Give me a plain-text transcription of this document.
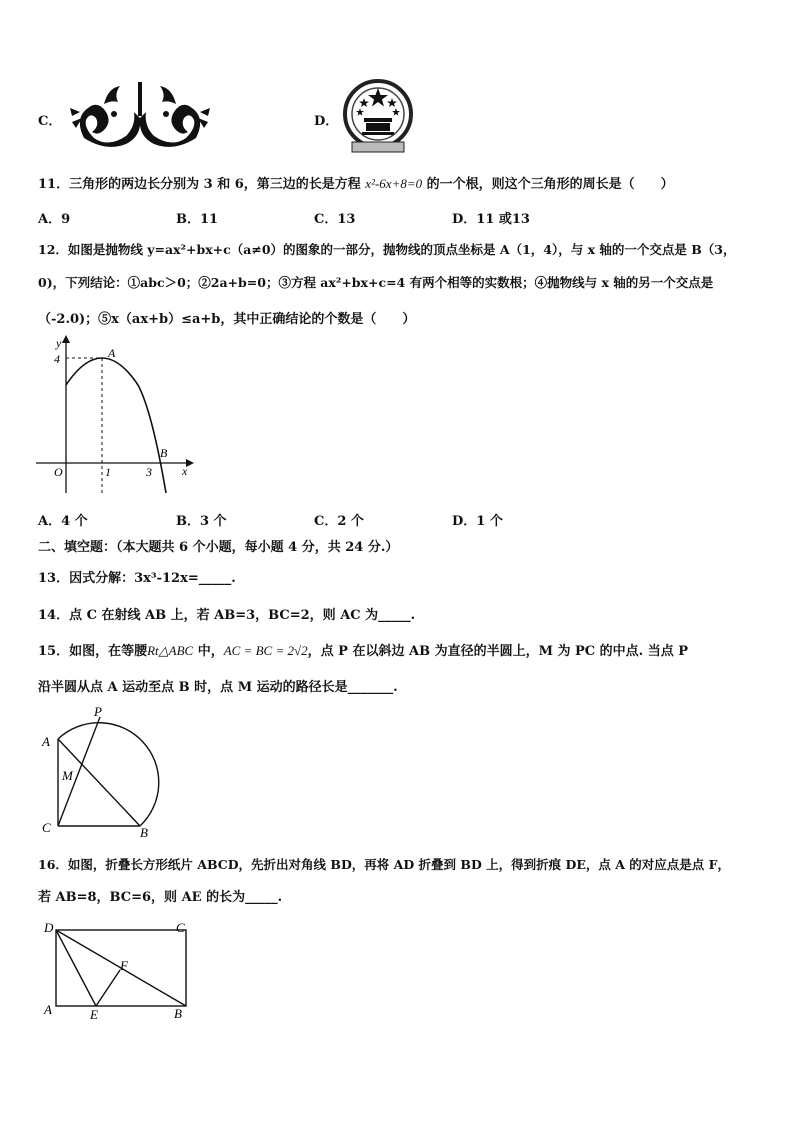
C．	D．
11．三角形的两边长分别为 3 和 6，第三边的长是方程 x²-6x+8=0 的一个根，则这个三角形的周长是（　　）
A．9	B．11	C．13	D．11 或13
12．如图是抛物线 y=ax²+bx+c（a≠0）的图象的一部分，抛物线的顶点坐标是 A（1，4），与 x 轴的一个交点是 B（3，
0)，下列结论：①abc＞0；②2a+b=0；③方程 ax²+bx+c=4 有两个相等的实数根；④抛物线与 x 轴的另一个交点是
（-2.0)；⑤x（ax+b）≤a+b，其中正确结论的个数是（　　）
y
x
O
4
1	3
A
B
A．4 个	B．3 个	C．2 个	D．1 个
二、填空题：（本大题共 6 个小题，每小题 4 分，共 24 分.）
13．因式分解：3x³-12x=_____.
14．点 C 在射线 AB 上，若 AB=3，BC=2，则 AC 为_____.
15．如图，在等腰Rt△ABC 中，AC = BC = 2√2，点 P 在以斜边 AB 为直径的半圆上，M 为 PC 的中点. 当点 P
沿半圆从点 A 运动至点 B 时，点 M 运动的路径长是_______.
A
B
C
P
M
16．如图，折叠长方形纸片 ABCD，先折出对角线 BD，再将 AD 折叠到 BD 上，得到折痕 DE，点 A 的对应点是点 F，
若 AB=8，BC=6，则 AE 的长为_____.
D	C
A	B
E
F
